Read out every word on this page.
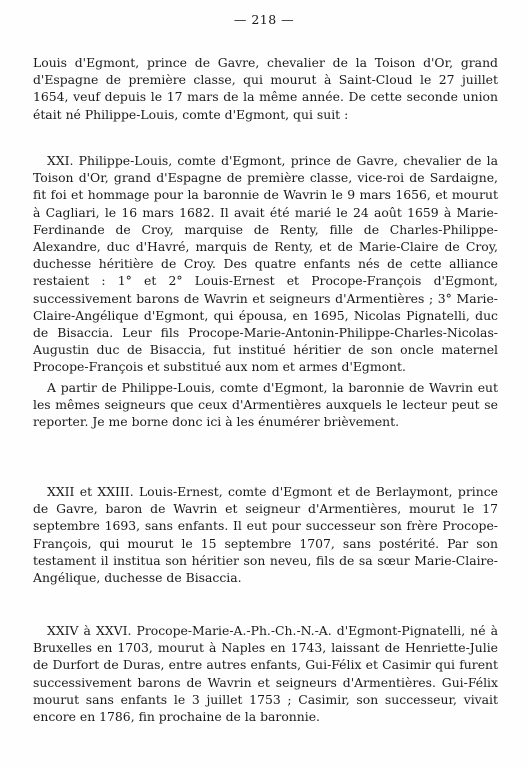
— 218 —

Louis d'Egmont, prince de Gavre, chevalier de la Toison d'Or, grand d'Espagne de première classe, qui mourut à Saint-Cloud le 27 juillet 1654, veuf depuis le 17 mars de la même année. De cette seconde union était né Philippe-Louis, comte d'Egmont, qui suit :

XXI. Philippe-Louis, comte d'Egmont, prince de Gavre, chevalier de la Toison d'Or, grand d'Espagne de première classe, vice-roi de Sardaigne, fit foi et hommage pour la baronnie de Wavrin le 9 mars 1656, et mourut à Cagliari, le 16 mars 1682. Il avait été marié le 24 août 1659 à Marie-Ferdinande de Croy, marquise de Renty, fille de Charles-Philippe-Alexandre, duc d'Havré, marquis de Renty, et de Marie-Claire de Croy, duchesse héritière de Croy. Des quatre enfants nés de cette alliance restaient : 1° et 2° Louis-Ernest et Procope-François d'Egmont, successivement barons de Wavrin et seigneurs d'Armentières ; 3° Marie-Claire-Angélique d'Egmont, qui épousa, en 1695, Nicolas Pignatelli, duc de Bisaccia. Leur fils Procope-Marie-Antonin-Philippe-Charles-Nicolas-Augustin duc de Bisaccia, fut institué héritier de son oncle maternel Procope-François et substitué aux nom et armes d'Egmont.

A partir de Philippe-Louis, comte d'Egmont, la baronnie de Wavrin eut les mêmes seigneurs que ceux d'Armentières auxquels le lecteur peut se reporter. Je me borne donc ici à les énumérer brièvement.

XXII et XXIII. Louis-Ernest, comte d'Egmont et de Berlaymont, prince de Gavre, baron de Wavrin et seigneur d'Armentières, mourut le 17 septembre 1693, sans enfants. Il eut pour successeur son frère Procope-François, qui mourut le 15 septembre 1707, sans postérité. Par son testament il institua son héritier son neveu, fils de sa sœur Marie-Claire-Angélique, duchesse de Bisaccia.

XXIV à XXVI. Procope-Marie-A.-Ph.-Ch.-N.-A. d'Egmont-Pignatelli, né à Bruxelles en 1703, mourut à Naples en 1743, laissant de Henriette-Julie de Durfort de Duras, entre autres enfants, Gui-Félix et Casimir qui furent successivement barons de Wavrin et seigneurs d'Armentières. Gui-Félix mourut sans enfants le 3 juillet 1753 ; Casimir, son successeur, vivait encore en 1786, fin prochaine de la baronnie.
